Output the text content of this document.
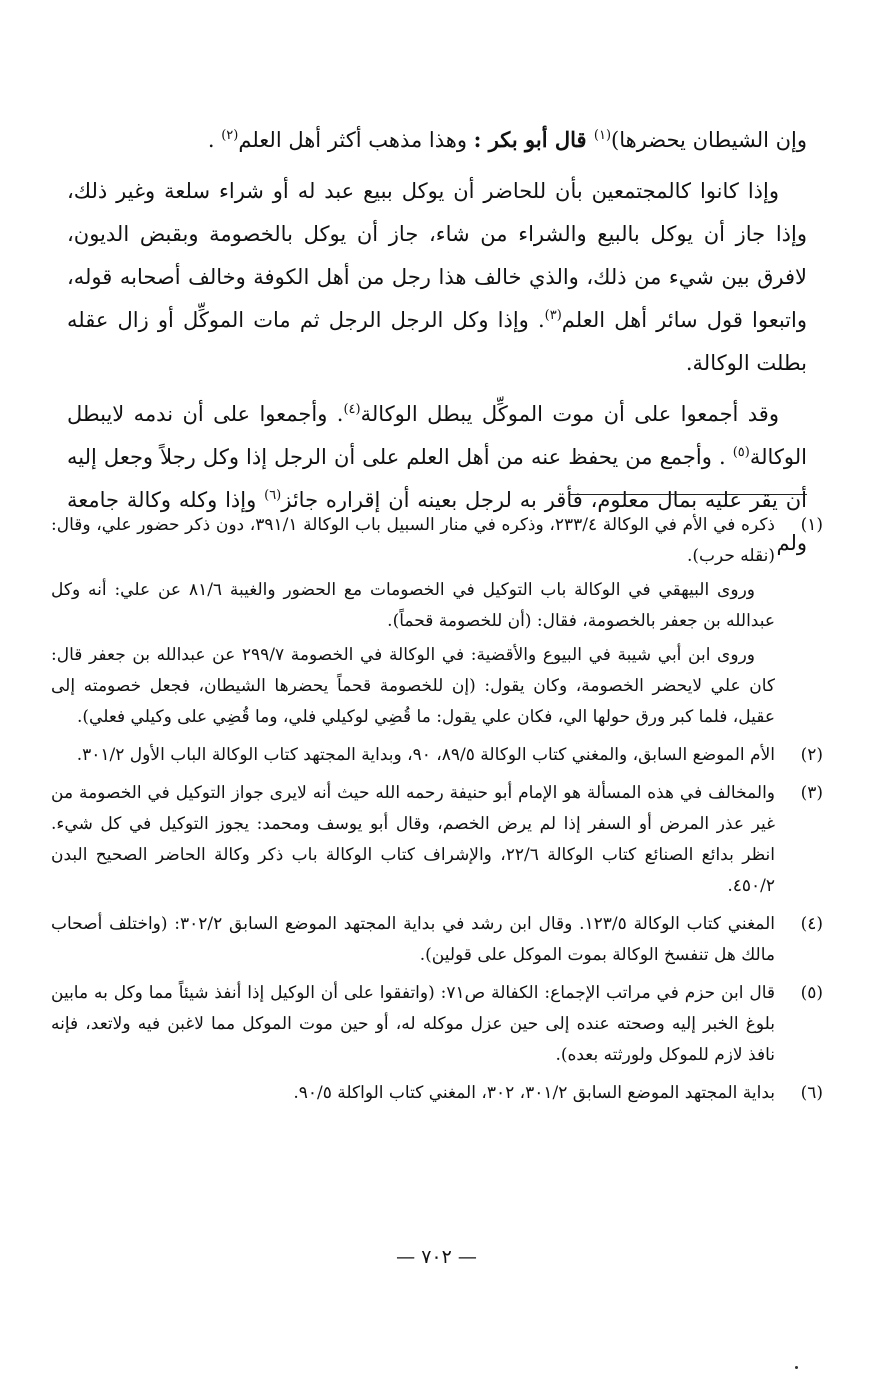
وإن الشيطان يحضرها)$^{(١)}$ قال أبو بكر : وهذا مذهب أكثر أهل العلم$^{(٢)}$ .

وإذا كانوا كالمجتمعين بأن للحاضر أن يوكل ببيع عبد له أو شراء سلعة وغير ذلك، وإذا جاز أن يوكل بالبيع والشراء من شاء، جاز أن يوكل بالخصومة وبقبض الديون، لافرق بين شيء من ذلك، والذي خالف هذا رجل من أهل الكوفة وخالف أصحابه قوله، واتبعوا قول سائر أهل العلم$^{(٣)}$. وإذا وكل الرجل الرجل ثم مات الموكِّل أو زال عقله بطلت الوكالة.

وقد أجمعوا على أن موت الموكِّل يبطل الوكالة$^{(٤)}$. وأجمعوا على أن ندمه لايبطل الوكالة$^{(٥)}$ . وأجمع من يحفظ عنه من أهل العلم على أن الرجل إذا وكل رجلاً وجعل إليه أن يقر عليه بمال معلوم، فأقر به لرجل بعينه أن إقراره جائز$^{(٦)}$ وإذا وكله وكالة جامعة ولم

(١)

ذكره في الأم في الوكالة ٢٣٣/٤، وذكره في منار السبيل باب الوكالة ٣٩١/١، دون ذكر حضور علي، وقال: (نقله حرب).

وروى البيهقي في الوكالة باب التوكيل في الخصومات مع الحضور والغيبة ٨١/٦ عن علي: أنه وكل عبدالله بن جعفر بالخصومة، فقال: (أن للخصومة قحماً).

وروى ابن أبي شيبة في البيوع والأقضية: في الوكالة في الخصومة ٢٩٩/٧ عن عبدالله بن جعفر قال: كان علي لايحضر الخصومة، وكان يقول: (إن للخصومة قحماً يحضرها الشيطان، فجعل خصومته إلى عقيل، فلما كبر ورق حولها الي، فكان علي يقول: ما قُضِي لوكيلي فلي، وما قُضِي على وكيلي فعلي).

(٢)

الأم الموضع السابق، والمغني كتاب الوكالة ٨٩/٥، ٩٠، وبداية المجتهد كتاب الوكالة الباب الأول ٣٠١/٢.

(٣)

والمخالف في هذه المسألة هو الإمام أبو حنيفة رحمه الله حيث أنه لايرى جواز التوكيل في الخصومة من غير عذر المرض أو السفر إذا لم يرض الخصم، وقال أبو يوسف ومحمد: يجوز التوكيل في كل شيء. انظر بدائع الصنائع كتاب الوكالة ٢٢/٦، والإشراف كتاب الوكالة باب ذكر وكالة الحاضر الصحيح البدن ٤٥٠/٢.

(٤)

المغني كتاب الوكالة ١٢٣/٥. وقال ابن رشد في بداية المجتهد الموضع السابق ٣٠٢/٢: (واختلف أصحاب مالك هل تنفسخ الوكالة بموت الموكل على قولين).

(٥)

قال ابن حزم في مراتب الإجماع: الكفالة ص٧١: (واتفقوا على أن الوكيل إذا أنفذ شيئاً مما وكل به مابين بلوغ الخبر إليه وصحته عنده إلى حين عزل موكله له، أو حين موت الموكل مما لاغبن فيه ولاتعد، فإنه نافذ لازم للموكل ولورثته بعده).

(٦)

بداية المجتهد الموضع السابق ٣٠١/٢، ٣٠٢، المغني كتاب الواكلة ٩٠/٥.

— ٧٠٢ —
